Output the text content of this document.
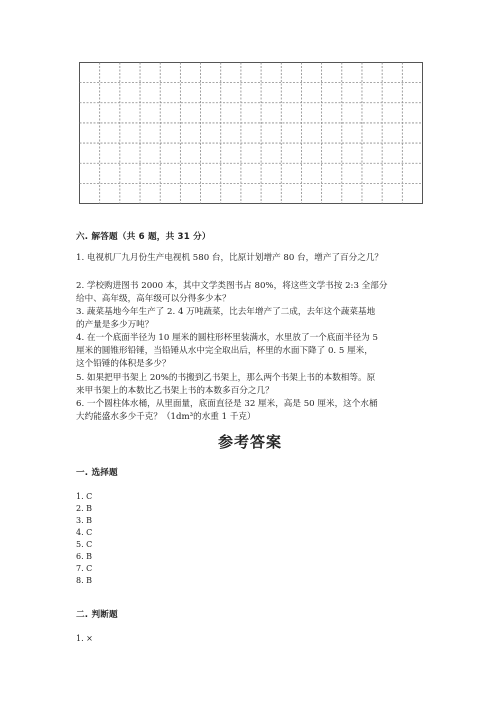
六. 解答题（共 6 题，共 31 分）
1. 电视机厂九月份生产电视机 580 台，比原计划增产 80 台，增产了百分之几？
2. 学校购进图书 2000 本，其中文学类图书占 80%，将这些文学书按 2:3 全部分
给中、高年级，高年级可以分得多少本？
3. 蔬菜基地今年生产了 2. 4 万吨蔬菜，比去年增产了二成，去年这个蔬菜基地
的产量是多少万吨？
4. 在一个底面半径为 10 厘米的圆柱形杯里装满水，水里放了一个底面半径为 5
厘米的圆锥形铅锤，当铅锤从水中完全取出后，杯里的水面下降了 0. 5 厘米，
这个铅锤的体积是多少？
5. 如果把甲书架上 20%的书搬到乙书架上，那么两个书架上书的本数相等。原
来甲书架上的本数比乙书架上书的本数多百分之几？
6. 一个圆柱体水桶，从里面量，底面直径是 32 厘米，高是 50 厘米，这个水桶
大约能盛水多少千克？（1dm³的水重 1 千克）
参考答案
一. 选择题
1. C
2. B
3. B
4. C
5. C
6. B
7. C
8. B
二. 判断题
1. ×
